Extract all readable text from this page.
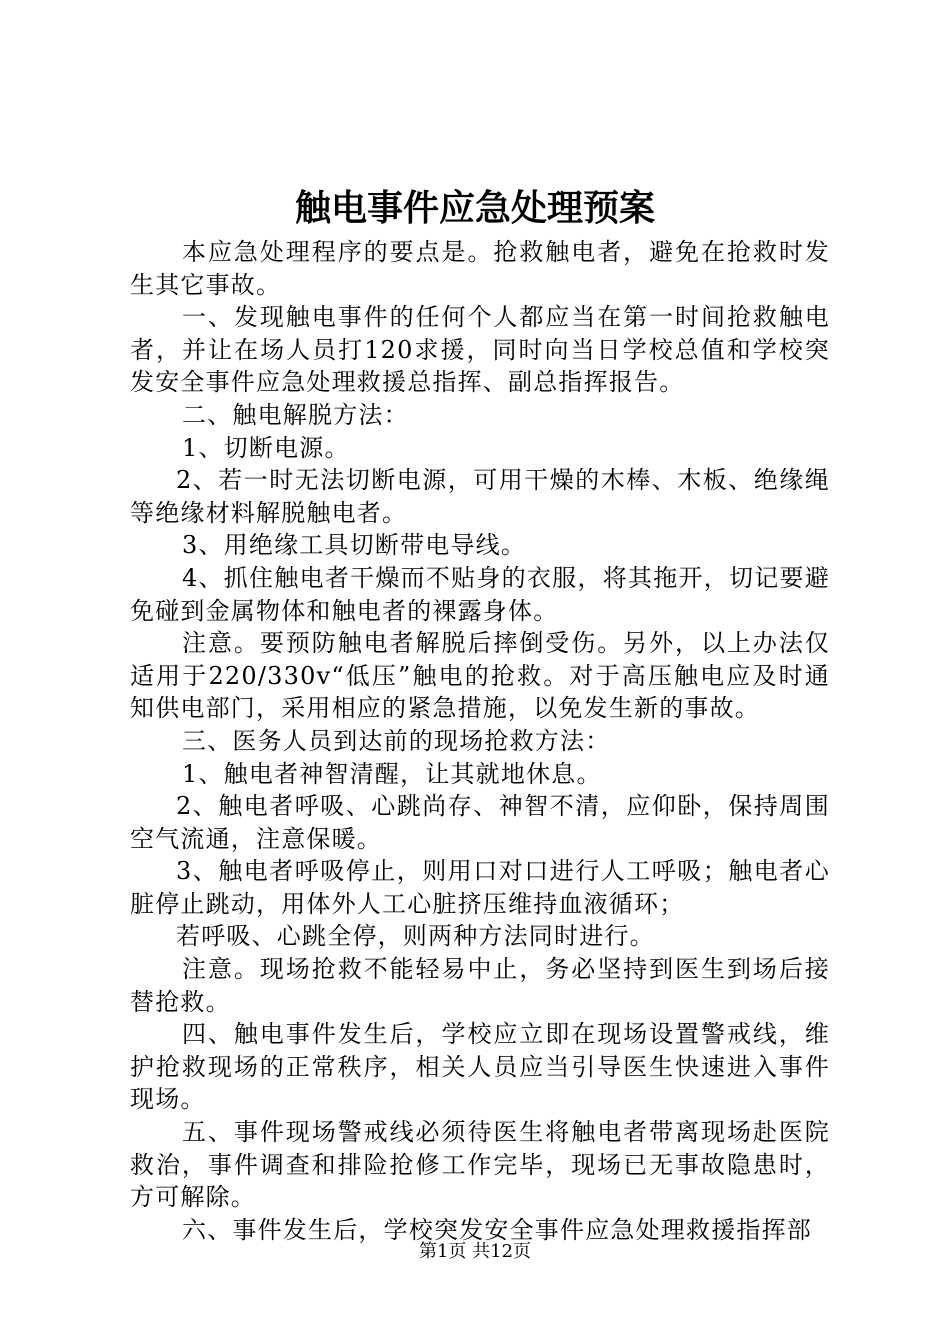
触电事件应急处理预案

本应急处理程序的要点是。抢救触电者，避免在抢救时发生其它事故。

一、发现触电事件的任何个人都应当在第一时间抢救触电者，并让在场人员打120求援，同时向当日学校总值和学校突发安全事件应急处理救援总指挥、副总指挥报告。

二、触电解脱方法：

1、切断电源。

2、若一时无法切断电源，可用干燥的木棒、木板、绝缘绳等绝缘材料解脱触电者。

3、用绝缘工具切断带电导线。

4、抓住触电者干燥而不贴身的衣服，将其拖开，切记要避免碰到金属物体和触电者的裸露身体。

注意。要预防触电者解脱后摔倒受伤。另外，以上办法仅适用于220/330v“低压”触电的抢救。对于高压触电应及时通知供电部门，采用相应的紧急措施，以免发生新的事故。

三、医务人员到达前的现场抢救方法：

1、触电者神智清醒，让其就地休息。

2、触电者呼吸、心跳尚存、神智不清，应仰卧，保持周围空气流通，注意保暖。

3、触电者呼吸停止，则用口对口进行人工呼吸；触电者心脏停止跳动，用体外人工心脏挤压维持血液循环；

若呼吸、心跳全停，则两种方法同时进行。

注意。现场抢救不能轻易中止，务必坚持到医生到场后接替抢救。

四、触电事件发生后，学校应立即在现场设置警戒线，维护抢救现场的正常秩序，相关人员应当引导医生快速进入事件现场。

五、事件现场警戒线必须待医生将触电者带离现场赴医院救治，事件调查和排险抢修工作完毕，现场已无事故隐患时，方可解除。

六、事件发生后，学校突发安全事件应急处理救援指挥部

第1页 共12页
